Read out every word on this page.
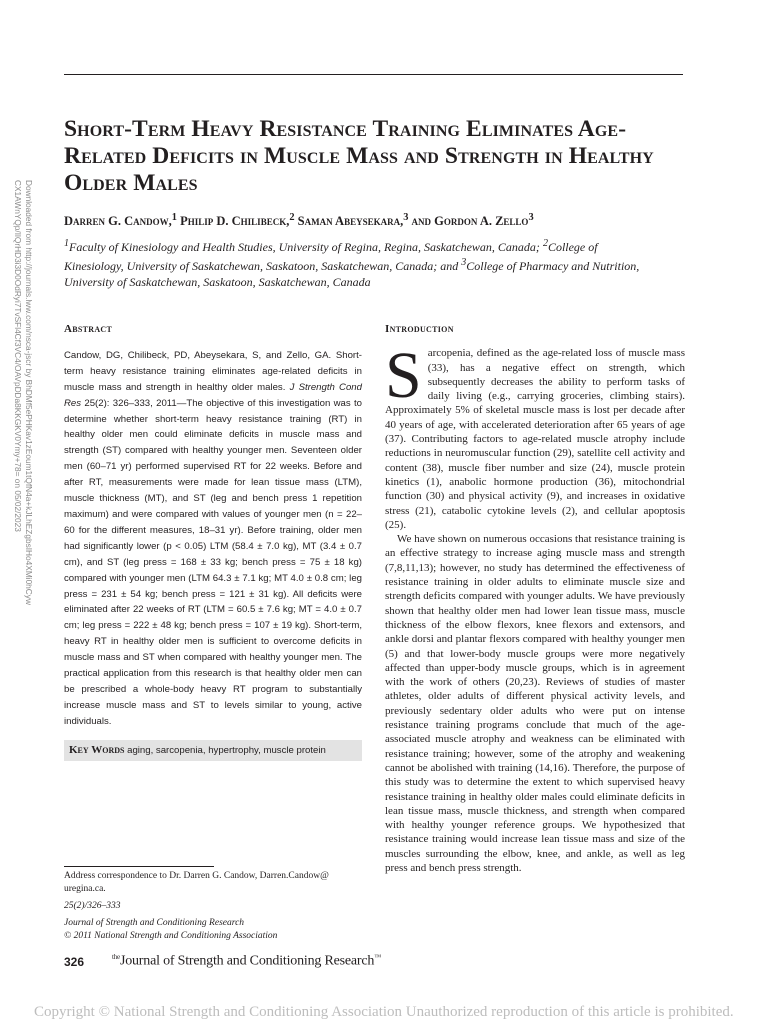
Downloaded from http://journals.lww.com/nsca-jscr by BhDMf5ePHKav1zEoum1tQfN4a+kJLhEZgbsIHo4XMi0hCyw
CX1AWnYQp/IlQrHD3i3D0OdRyi7TvSFl4Cf3VC4/OAVpDDa8KKGKV0Ymy+78= on 05/02/2023
Short-Term Heavy Resistance Training Eliminates Age-Related Deficits in Muscle Mass and Strength in Healthy Older Males
Darren G. Candow,$^1$ Philip D. Chilibeck,$^2$ Saman Abeysekara,$^3$ and Gordon A. Zello$^3$
$^1$Faculty of Kinesiology and Health Studies, University of Regina, Regina, Saskatchewan, Canada; $^2$College of Kinesiology, University of Saskatchewan, Saskatoon, Saskatchewan, Canada; and $^3$College of Pharmacy and Nutrition, University of Saskatchewan, Saskatoon, Saskatchewan, Canada
Abstract

Candow, DG, Chilibeck, PD, Abeysekara, S, and Zello, GA. Short-term heavy resistance training eliminates age-related deficits in muscle mass and strength in healthy older males. J Strength Cond Res 25(2): 326–333, 2011—The objective of this investigation was to determine whether short-term heavy resistance training (RT) in healthy older men could eliminate deficits in muscle mass and strength (ST) compared with healthy younger men. Seventeen older men (60–71 yr) performed supervised RT for 22 weeks. Before and after RT, measurements were made for lean tissue mass (LTM), muscle thickness (MT), and ST (leg and bench press 1 repetition maximum) and were compared with values of younger men (n = 22–60 for the different measures, 18–31 yr). Before training, older men had significantly lower (p < 0.05) LTM (58.4 ± 7.0 kg), MT (3.4 ± 0.7 cm), and ST (leg press = 168 ± 33 kg; bench press = 75 ± 18 kg) compared with younger men (LTM 64.3 ± 7.1 kg; MT 4.0 ± 0.8 cm; leg press = 231 ± 54 kg; bench press = 121 ± 31 kg). All deficits were eliminated after 22 weeks of RT (LTM = 60.5 ± 7.6 kg; MT = 4.0 ± 0.7 cm; leg press = 222 ± 48 kg; bench press = 107 ± 19 kg). Short-term, heavy RT in healthy older men is sufficient to overcome deficits in muscle mass and ST when compared with healthy younger men. The practical application from this research is that healthy older men can be prescribed a whole-body heavy RT program to substantially increase muscle mass and ST to levels similar to young, active individuals.

Key Words aging, sarcopenia, hypertrophy, muscle protein
Introduction

Sarcopenia, defined as the age-related loss of muscle mass (33), has a negative effect on strength, which subsequently decreases the ability to perform tasks of daily living (e.g., carrying groceries, climbing stairs). Approximately 5% of skeletal muscle mass is lost per decade after 40 years of age, with accelerated deterioration after 65 years of age (37). Contributing factors to age-related muscle atrophy include reductions in neuromuscular function (29), satellite cell activity and content (38), muscle fiber number and size (24), muscle protein kinetics (1), anabolic hormone production (36), mitochondrial function (30) and physical activity (9), and increases in oxidative stress (21), catabolic cytokine levels (2), and cellular apoptosis (25).

We have shown on numerous occasions that resistance training is an effective strategy to increase aging muscle mass and strength (7,8,11,13); however, no study has determined the effectiveness of resistance training in older adults to eliminate muscle size and strength deficits compared with younger adults. We have previously shown that healthy older men had lower lean tissue mass, muscle thickness of the elbow flexors, knee flexors and extensors, and ankle dorsi and plantar flexors compared with healthy younger men (5) and that lower-body muscle groups were more negatively affected than upper-body muscle groups, which is in agreement with the work of others (20,23). Reviews of studies of master athletes, older adults of different physical activity levels, and previously sedentary older adults who were put on intense resistance training programs conclude that much of the age-associated muscle atrophy and weakness can be eliminated with resistance training; however, some of the atrophy and weakening cannot be abolished with training (14,16). Therefore, the purpose of this study was to determine the extent to which supervised heavy resistance training in healthy older males could eliminate deficits in lean tissue mass, muscle thickness, and strength when compared with healthy younger reference groups. We hypothesized that resistance training would increase lean tissue mass and size of the muscles surrounding the elbow, knee, and ankle, as well as leg press and bench press strength.

Address correspondence to Dr. Darren G. Candow, Darren.Candow@ uregina.ca.
25(2)/326–333
Journal of Strength and Conditioning Research
© 2011 National Strength and Conditioning Association
326	$^{the}$Journal of Strength and Conditioning Research™
Copyright © National Strength and Conditioning Association Unauthorized reproduction of this article is prohibited.
